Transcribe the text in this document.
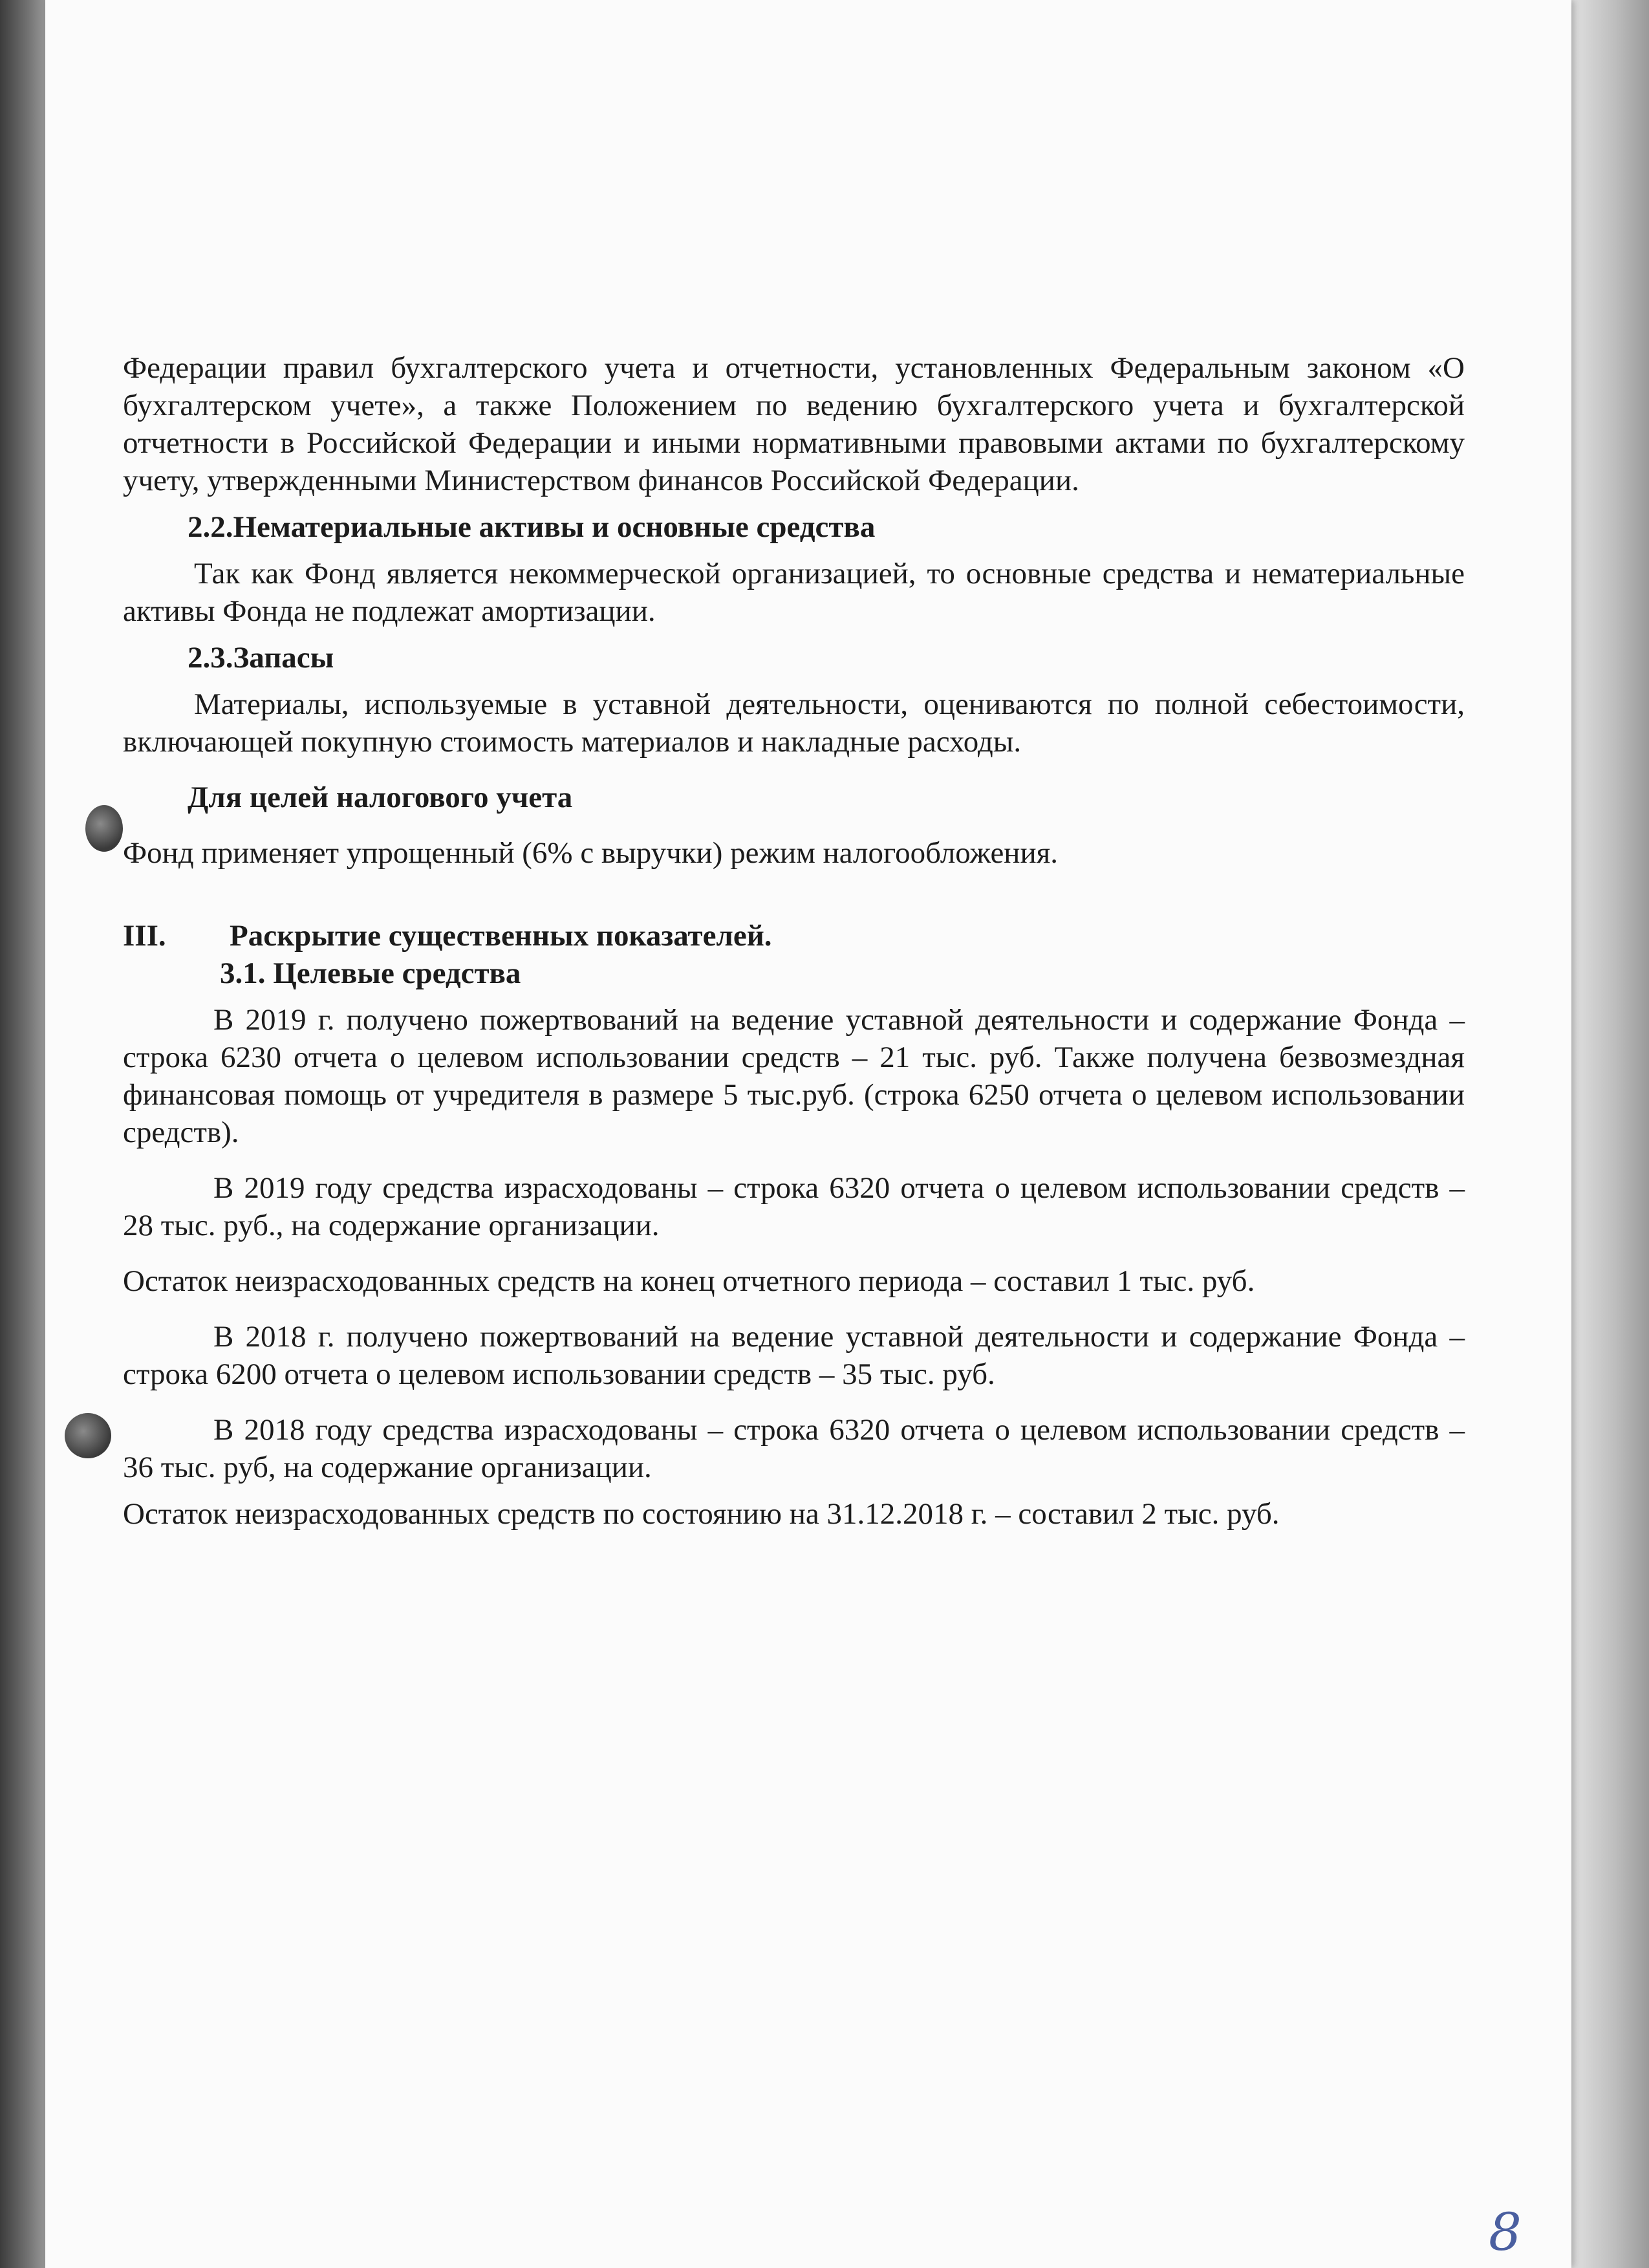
Федерации правил бухгалтерского учета и отчетности, установленных Федеральным законом «О бухгалтерском учете», а также Положением по ведению бухгалтерского учета и бухгалтерской отчетности в Российской Федерации и иными нормативными правовыми актами по бухгалтерскому учету, утвержденными Министерством финансов Российской Федерации.

2.2.Нематериальные активы и основные средства

Так как Фонд является некоммерческой организацией, то основные средства и нематериальные активы Фонда не подлежат амортизации.

2.3.Запасы

Материалы, используемые в уставной деятельности, оцениваются по полной себестоимости, включающей покупную стоимость материалов и накладные расходы.

Для целей налогового учета

Фонд применяет упрощенный (6% с выручки) режим налогообложения.

III.	Раскрытие существенных показателей.

3.1. Целевые средства

В 2019 г. получено пожертвований на ведение уставной деятельности и содержание Фонда – строка 6230 отчета о целевом использовании средств – 21 тыс. руб. Также получена безвозмездная финансовая помощь от учредителя в размере 5 тыс.руб. (строка 6250 отчета о целевом использовании средств).

В 2019 году средства израсходованы – строка 6320 отчета о целевом использовании средств – 28 тыс. руб., на содержание организации.

Остаток неизрасходованных средств на конец отчетного периода – составил 1 тыс. руб.

В 2018 г. получено пожертвований на ведение уставной деятельности и содержание Фонда – строка 6200 отчета о целевом использовании средств – 35 тыс. руб.

В 2018 году средства израсходованы – строка 6320 отчета о целевом использовании средств – 36 тыс. руб, на содержание организации.

Остаток неизрасходованных средств по состоянию на 31.12.2018 г. – составил 2 тыс. руб.

8
